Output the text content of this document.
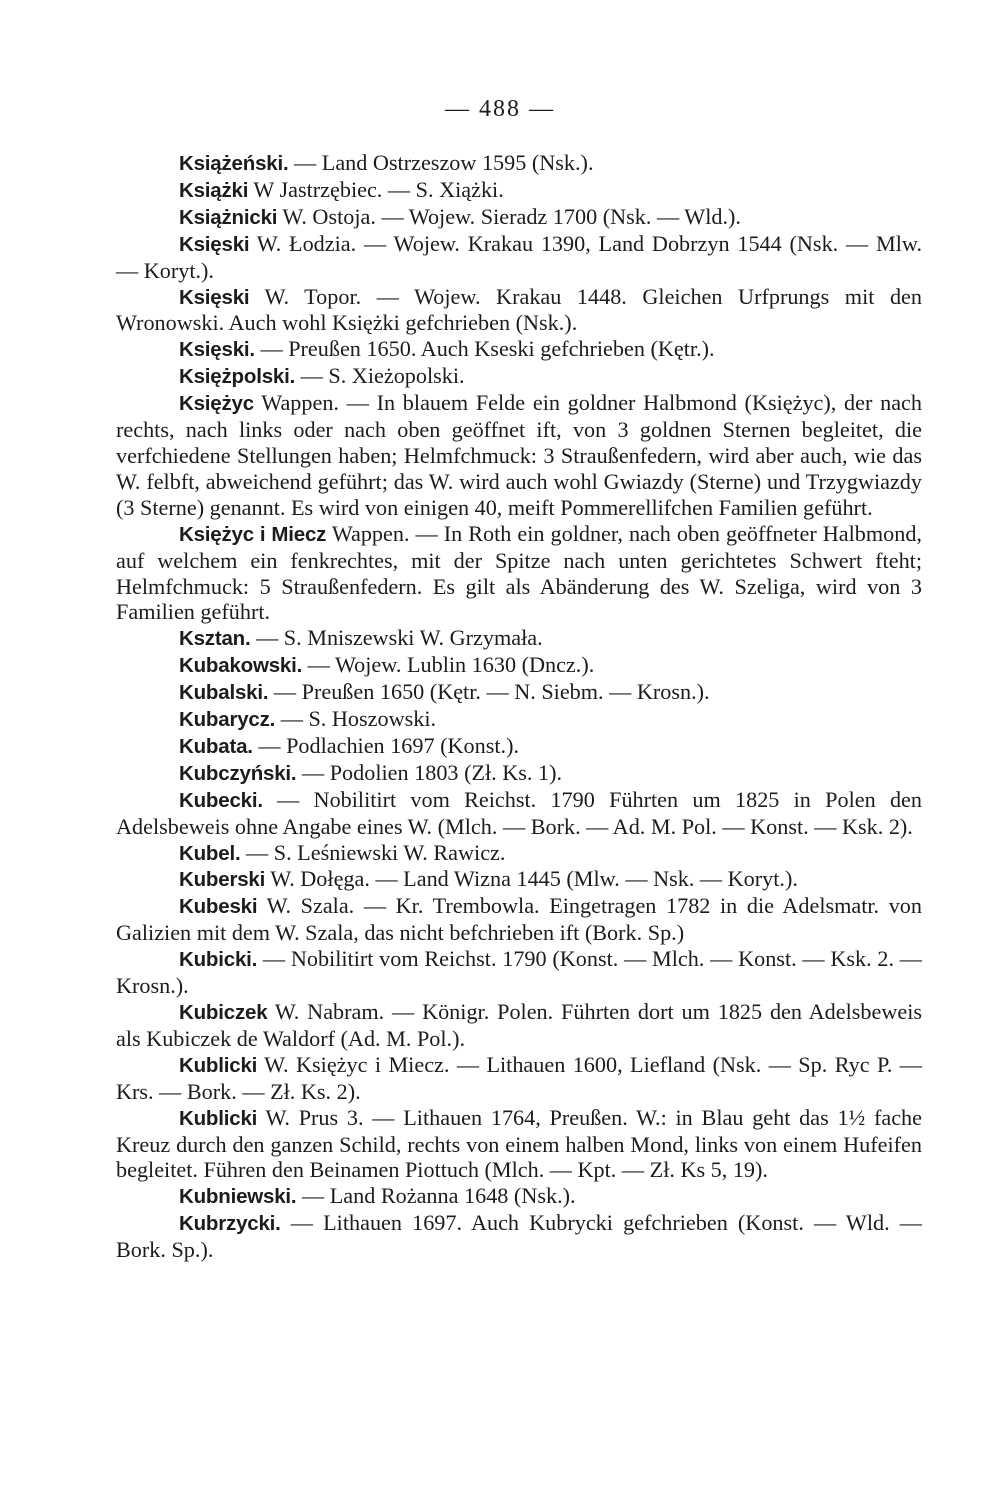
— 488 —

Książeński. — Land Ostrzeszow 1595 (Nsk.).

Książki W Jastrzębiec. — S. Xiążki.

Książnicki W. Ostoja. — Wojew. Sieradz 1700 (Nsk. — Wld.).

Księski W. Łodzia. — Wojew. Krakau 1390, Land Dobrzyn 1544 (Nsk. — Mlw. — Koryt.).

Księski W. Topor. — Wojew. Krakau 1448. Gleichen Urfprungs mit den Wronowski. Auch wohl Księżki gefchrieben (Nsk.).

Księski. — Preußen 1650. Auch Kseski gefchrieben (Kętr.).

Księżpolski. — S. Xieżopolski.

Księżyc Wappen. — In blauem Felde ein goldner Halbmond (Księżyc), der nach rechts, nach links oder nach oben geöffnet ift, von 3 goldnen Sternen begleitet, die verfchiedene Stellungen haben; Helmfchmuck: 3 Straußenfedern, wird aber auch, wie das W. felbft, abweichend geführt; das W. wird auch wohl Gwiazdy (Sterne) und Trzygwiazdy (3 Sterne) genannt. Es wird von einigen 40, meift Pommerellifchen Familien geführt.

Księżyc i Miecz Wappen. — In Roth ein goldner, nach oben geöffneter Halbmond, auf welchem ein fenkrechtes, mit der Spitze nach unten gerichtetes Schwert fteht; Helmfchmuck: 5 Straußenfedern. Es gilt als Abänderung des W. Szeliga, wird von 3 Familien geführt.

Ksztan. — S. Mniszewski W. Grzymała.

Kubakowski. — Wojew. Lublin 1630 (Dncz.).

Kubalski. — Preußen 1650 (Kętr. — N. Siebm. — Krosn.).

Kubarycz. — S. Hoszowski.

Kubata. — Podlachien 1697 (Konst.).

Kubczyński. — Podolien 1803 (Zł. Ks. 1).

Kubecki. — Nobilitirt vom Reichst. 1790 Führten um 1825 in Polen den Adelsbeweis ohne Angabe eines W. (Mlch. — Bork. — Ad. M. Pol. — Konst. — Ksk. 2).

Kubel. — S. Leśniewski W. Rawicz.

Kuberski W. Dołęga. — Land Wizna 1445 (Mlw. — Nsk. — Koryt.).

Kubeski W. Szala. — Kr. Trembowla. Eingetragen 1782 in die Adelsmatr. von Galizien mit dem W. Szala, das nicht befchrieben ift (Bork. Sp.)

Kubicki. — Nobilitirt vom Reichst. 1790 (Konst. — Mlch. — Konst. — Ksk. 2. — Krosn.).

Kubiczek W. Nabram. — Königr. Polen. Führten dort um 1825 den Adelsbeweis als Kubiczek de Waldorf (Ad. M. Pol.).

Kublicki W. Księżyc i Miecz. — Lithauen 1600, Liefland (Nsk. — Sp. Ryc P. — Krs. — Bork. — Zł. Ks. 2).

Kublicki W. Prus 3. — Lithauen 1764, Preußen. W.: in Blau geht das 1½ fache Kreuz durch den ganzen Schild, rechts von einem halben Mond, links von einem Hufeifen begleitet. Führen den Beinamen Piottuch (Mlch. — Kpt. — Zł. Ks 5, 19).

Kubniewski. — Land Rożanna 1648 (Nsk.).

Kubrzycki. — Lithauen 1697. Auch Kubrycki gefchrieben (Konst. — Wld. — Bork. Sp.).
